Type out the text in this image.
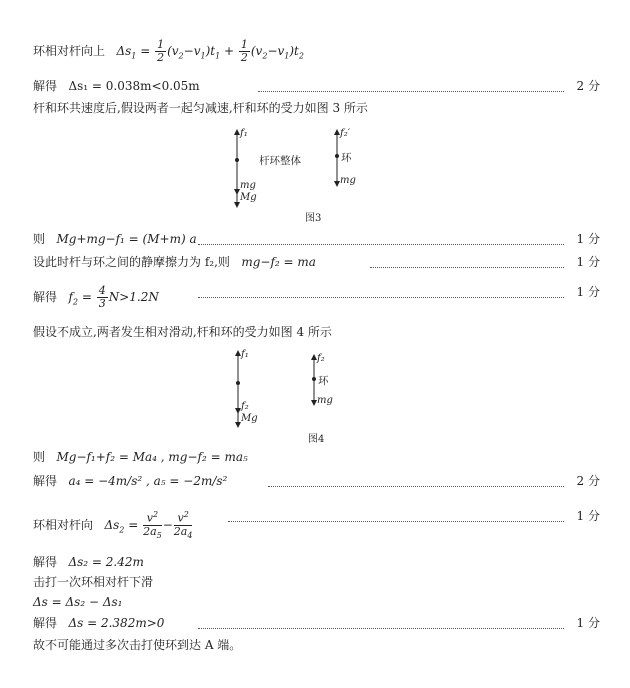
环相对杆向上 $\Delta s_1 = \frac{1}{2} (v_2-v_1)t_1 + \frac{1}{2} (v_2-v_1)t_2$
解得 Δs₁ = 0.038m<0.05m	2 分
杆和环共速度后,假设两者一起匀减速,杆和环的受力如图 3 所示
f₁
杆环整体
mg
Mg
f₂′
环
mg
图3
则 Mg+mg−f₁ = (M+m) a	1 分
设此时杆与环之间的静摩擦力为 f₂,则 mg−f₂ = ma	1 分
解得 $f_2 = \frac{4}{3} N>1.2N$	1 分
假设不成立,两者发生相对滑动,杆和环的受力如图 4 所示
f₁
f₂
Mg
f₂
环
mg
图4
则 Mg−f₁+f₂ = Ma₄ , mg−f₂ = ma₅
解得 a₄ = −4m/s² , a₅ = −2m/s²	2 分
环相对杆向 $\Delta s_2 = \frac{v^2}{2a_5} - \frac{v^2}{2a_4}$	1 分
解得 Δs₂ = 2.42m
击打一次环相对杆下滑
Δs = Δs₂ − Δs₁
解得 Δs = 2.382m>0	1 分
故不可能通过多次击打使环到达 A 端。
